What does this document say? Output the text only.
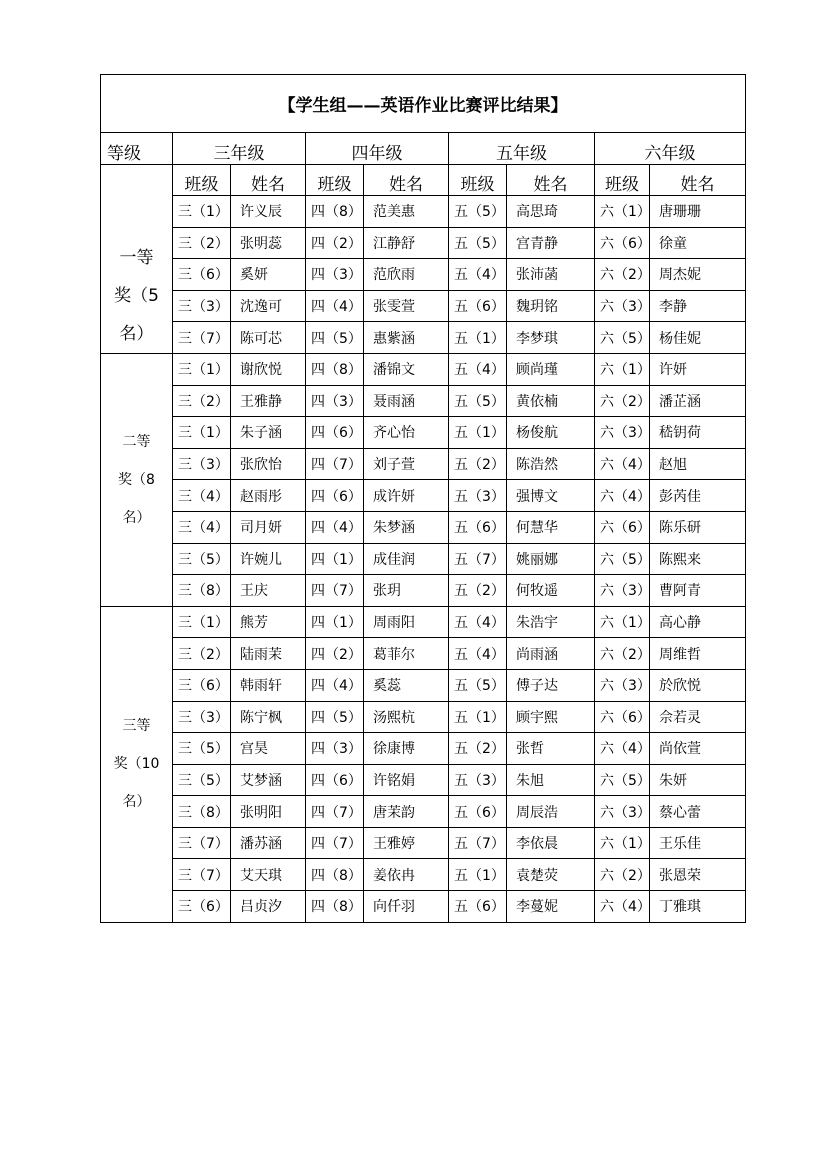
【学生组——英语作业比赛评比结果】								
等级	三年级		四年级		五年级		六年级	

一等
奖（5
名）	班级	姓名	班级	姓名	班级	姓名	班级	姓名
	三（1）	许义辰	四（8）	范美惠	五（5）	高思琦	六（1）	唐珊珊
	三（2）	张明蕊	四（2）	江静舒	五（5）	宫青静	六（6）	徐童
	三（6）	奚妍	四（3）	范欣雨	五（4）	张沛菡	六（2）	周杰妮
	三（3）	沈逸可	四（4）	张雯萱	五（6）	魏玥铭	六（3）	李静
	三（7）	陈可芯	四（5）	惠紫涵	五（1）	李梦琪	六（5）	杨佳妮

二等
奖（8
名）	三（1）	谢欣悦	四（8）	潘锦文	五（4）	顾尚瑾	六（1）	许妍
	三（2）	王雅静	四（3）	聂雨涵	五（5）	黄依楠	六（2）	潘芷涵
	三（1）	朱子涵	四（6）	齐心怡	五（1）	杨俊航	六（3）	嵇钥荷
	三（3）	张欣怡	四（7）	刘子萱	五（2）	陈浩然	六（4）	赵旭
	三（4）	赵雨彤	四（6）	成许妍	五（3）	强博文	六（4）	彭芮佳
	三（4）	司月妍	四（4）	朱梦涵	五（6）	何慧华	六（6）	陈乐研
	三（5）	许婉儿	四（1）	成佳润	五（7）	姚丽娜	六（5）	陈熙来
	三（8）	王庆	四（7）	张玥	五（2）	何牧遥	六（3）	曹阿青

三等
奖（10
名）	三（1）	熊芳	四（1）	周雨阳	五（4）	朱浩宇	六（1）	高心静
	三（2）	陆雨茉	四（2）	葛菲尔	五（4）	尚雨涵	六（2）	周维哲
	三（6）	韩雨轩	四（4）	奚蕊	五（5）	傅子达	六（3）	於欣悦
	三（3）	陈宁枫	四（5）	汤熙杭	五（1）	顾宇熙	六（6）	佘若灵
	三（5）	宫昊	四（3）	徐康博	五（2）	张哲	六（4）	尚依萱
	三（5）	艾梦涵	四（6）	许铭娟	五（3）	朱旭	六（5）	朱妍
	三（8）	张明阳	四（7）	唐茉韵	五（6）	周辰浩	六（3）	蔡心蕾
	三（7）	潘苏涵	四（7）	王雅婷	五（7）	李依晨	六（1）	王乐佳
	三（7）	艾天琪	四（8）	姜依冉	五（1）	袁楚荧	六（2）	张恩荣
	三（6）	吕贞汐	四（8）	向仟羽	五（6）	李蔓妮	六（4）	丁雅琪
